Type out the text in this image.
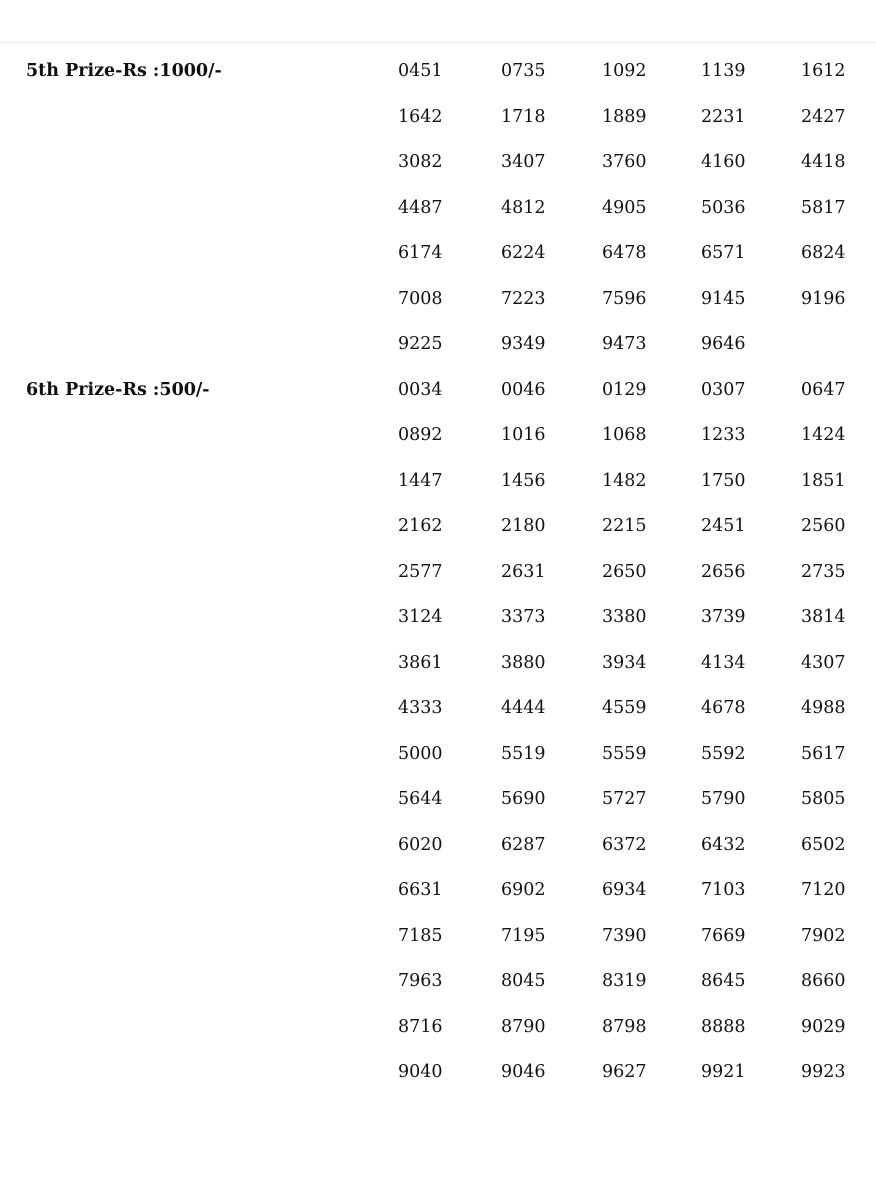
5th Prize-Rs :1000/-	0451	0735	1092	1139	1612
1642	1718	1889	2231	2427
3082	3407	3760	4160	4418
4487	4812	4905	5036	5817
6174	6224	6478	6571	6824
7008	7223	7596	9145	9196
9225	9349	9473	9646
6th Prize-Rs :500/-	0034	0046	0129	0307	0647
0892	1016	1068	1233	1424
1447	1456	1482	1750	1851
2162	2180	2215	2451	2560
2577	2631	2650	2656	2735
3124	3373	3380	3739	3814
3861	3880	3934	4134	4307
4333	4444	4559	4678	4988
5000	5519	5559	5592	5617
5644	5690	5727	5790	5805
6020	6287	6372	6432	6502
6631	6902	6934	7103	7120
7185	7195	7390	7669	7902
7963	8045	8319	8645	8660
8716	8790	8798	8888	9029
9040	9046	9627	9921	9923
